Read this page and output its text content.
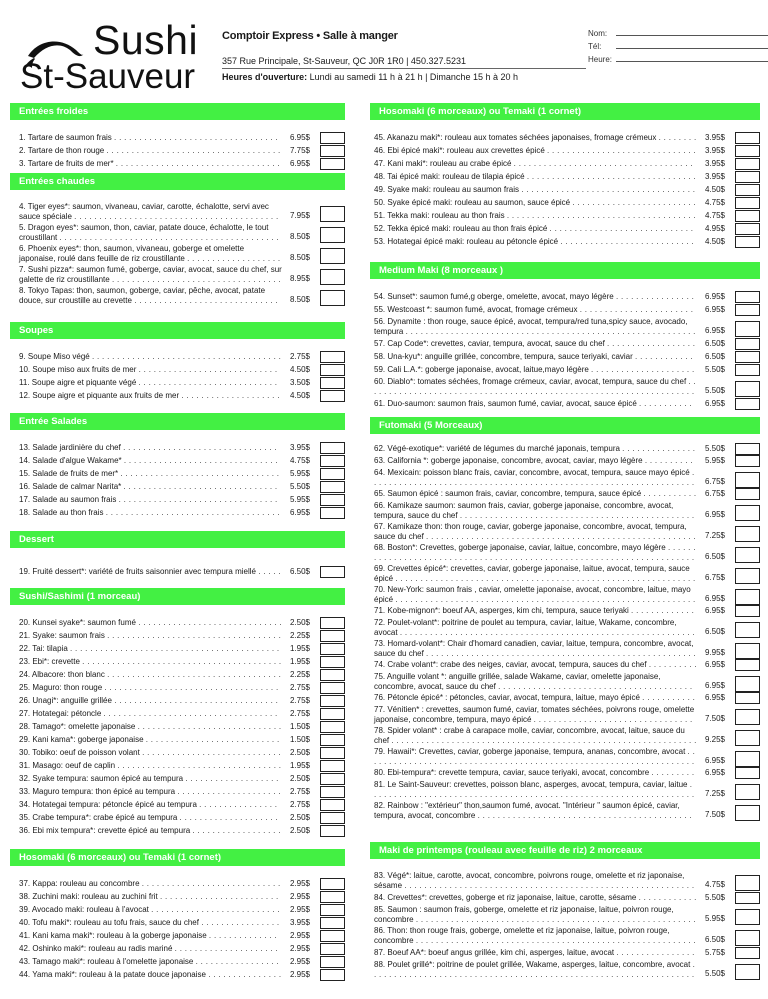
Sushi
St-Sauveur
Comptoir Express • Salle à manger
357 Rue Principale, St-Sauveur, QC J0R 1R0 | 450.327.5231
Heures d'ouverture: Lundi au samedi 11 h à 21 h | Dimanche 15 h à 20 h
Nom:
Tél:
Heure:
Entrées froides
1. Tartare de saumon frais . . . . . . . . . . . . . . . . . . . . . . . . . . . . . . . . .	6.95$
2. Tartare de thon rouge . . . . . . . . . . . . . . . . . . . . . . . . . . . . . . . . . . .	7.75$
3. Tartare de fruits de mer* . . . . . . . . . . . . . . . . . . . . . . . . . . . . . . . . .	6.95$
Entrées chaudes
4. Tiger eyes*: saumon, vivaneau, caviar, carotte, échalotte, servi avec sauce spéciale . . . . . . . . . . . . . . . . . . . . . . . . . . . . . . . . . . . . . . . . .	7.95$
5. Dragon eyes*: saumon, thon, caviar, patate douce, échalotte, le tout croustillant . . . . . . . . . . . . . . . . . . . . . . . . . . . . . . . . . . . . . . . . . . . .	8.50$
6. Phoenix eyes*: thon, saumon, vivaneau, goberge et omelette japonaise, roulé dans feuille de riz croustillante . . . . . . . . . . . . . . . . . . .	8.50$
7. Sushi pizza*: saumon fumé, goberge, caviar, avocat, sauce du chef, sur galette de riz croustillante . . . . . . . . . . . . . . . . . . . . . . . . . . . . . . . . . .	8.95$
8. Tokyo Tapas: thon, saumon, goberge, caviar, pêche, avocat, patate douce, sur croustille au crevette . . . . . . . . . . . . . . . . . . . . . . . . . . . . .	8.50$
Soupes
9. Soupe Miso végé . . . . . . . . . . . . . . . . . . . . . . . . . . . . . . . . . . . . . .	2.75$
10. Soupe miso aux fruits de mer . . . . . . . . . . . . . . . . . . . . . . . . . . . .	4.50$
11. Soupe aigre et piquante végé . . . . . . . . . . . . . . . . . . . . . . . . . . . .	3.50$
12. Soupe aigre et piquante aux fruits de mer . . . . . . . . . . . . . . . . . . . .	4.50$
Entrée Salades
13. Salade jardinière du chef . . . . . . . . . . . . . . . . . . . . . . . . . . . . . . .	3.95$
14. Salade d'algue Wakame* . . . . . . . . . . . . . . . . . . . . . . . . . . . . . . .	4.75$
15. Salade de fruits de mer* . . . . . . . . . . . . . . . . . . . . . . . . . . . . . . . .	5.95$
16. Salade de calmar Narita* . . . . . . . . . . . . . . . . . . . . . . . . . . . . . . .	5.50$
17. Salade au saumon frais . . . . . . . . . . . . . . . . . . . . . . . . . . . . . . . .	5.95$
18. Salade au thon frais . . . . . . . . . . . . . . . . . . . . . . . . . . . . . . . . . . .	6.95$
Dessert
19. Fruité dessert*: variété de fruits saisonnier avec tempura miellé . . . . .	6.50$
Sushi/Sashimi (1 morceau)
20. Kunsei syake*: saumon fumé . . . . . . . . . . . . . . . . . . . . . . . . . . . . . 2.50$
21. Syake: saumon frais . . . . . . . . . . . . . . . . . . . . . . . . . . . . . . . . . . .	2.25$
22. Tai: tilapia . . . . . . . . . . . . . . . . . . . . . . . . . . . . . . . . . . . . . . . . . .	1.95$
23. Ebi*: crevette . . . . . . . . . . . . . . . . . . . . . . . . . . . . . . . . . . . . . . . .	1.95$
24. Albacore: thon blanc . . . . . . . . . . . . . . . . . . . . . . . . . . . . . . . . . . .	2.25$
25. Maguro: thon rouge . . . . . . . . . . . . . . . . . . . . . . . . . . . . . . . . . . .	2.75$
26. Unagi*: anguille grillée . . . . . . . . . . . . . . . . . . . . . . . . . . . . . . . . .	2.75$
27. Hotategai: pétoncle . . . . . . . . . . . . . . . . . . . . . . . . . . . . . . . . . . .	2.75$
28. Tamago*: omelette japonaise . . . . . . . . . . . . . . . . . . . . . . . . . . . . .	1.50$
29. Kani kama*: goberge japonaise . . . . . . . . . . . . . . . . . . . . . . . . . . .	1.50$
30. Tobiko: oeuf de poisson volant . . . . . . . . . . . . . . . . . . . . . . . . . . . .	2.50$
31. Masago: oeuf de caplin . . . . . . . . . . . . . . . . . . . . . . . . . . . . . . . . .	1.95$
32. Syake tempura: saumon épicé au tempura . . . . . . . . . . . . . . . . . . .	2.50$
33. Maguro tempura: thon épicé au tempura . . . . . . . . . . . . . . . . . . . . .	2.75$
34. Hotategai tempura: pétoncle épicé au tempura . . . . . . . . . . . . . . . .	2.75$
35. Crabe tempura*: crabe épicé au tempura . . . . . . . . . . . . . . . . . . . .	2.50$
36. Ebi mix tempura*: crevette épicé au tempura . . . . . . . . . . . . . . . . . .	2.50$
Hosomaki (6 morceaux) ou Temaki (1 cornet)
37. Kappa: rouleau au concombre . . . . . . . . . . . . . . . . . . . . . . . . . . . .	2.95$
38. Zuchini maki: rouleau au zuchini frit . . . . . . . . . . . . . . . . . . . . . . . .	2.95$
39. Avocado maki: rouleau à l'avocat . . . . . . . . . . . . . . . . . . . . . . . . . .	2.95$
40. Tofu maki*: rouleau au tofu frais, sauce du chef . . . . . . . . . . . . . . . .	3.95$
41. Kani kama maki*: rouleau à la goberge japonaise . . . . . . . . . . . . . .	2.95$
42. Oshinko maki*: rouleau au radis mariné . . . . . . . . . . . . . . . . . . . . .	2.95$
43. Tamago maki*: rouleau à l'omelette japonaise . . . . . . . . . . . . . . . . .	2.95$
44. Yama maki*: rouleau à la patate douce japonaise . . . . . . . . . . . . . . .	2.95$
Hosomaki (6 morceaux) ou Temaki (1 cornet)
45. Akanazu maki*: rouleau aux tomates séchées japonaises, fromage crémeux . . . . . . . .	3.95$
46. Ebi épicé maki*: rouleau aux crevettes épicé . . . . . . . . . . . . . . . . . . . . . . . . . . . . . .	3.95$
47. Kani maki*: rouleau au crabe épicé . . . . . . . . . . . . . . . . . . . . . . . . . . . . . . . . . . . .	3.95$
48. Tai épicé maki: rouleau de tilapia épicé . . . . . . . . . . . . . . . . . . . . . . . . . . . . . . . . . .	3.95$
49. Syake maki: rouleau au saumon frais . . . . . . . . . . . . . . . . . . . . . . . . . . . . . . . . . . .	4.50$
50. Syake épicé maki: rouleau au saumon, sauce épicé . . . . . . . . . . . . . . . . . . . . . . . . .	4.75$
51. Tekka maki: rouleau au thon frais . . . . . . . . . . . . . . . . . . . . . . . . . . . . . . . . . . . . . .	4.75$
52. Tekka épicé maki: rouleau au thon frais épicé . . . . . . . . . . . . . . . . . . . . . . . . . . . . .	4.95$
53. Hotategai épicé maki: rouleau au pétoncle épicé . . . . . . . . . . . . . . . . . . . . . . . . . . .	4.50$
Medium Maki (8 morceaux )
54. Sunset*: saumon fumé,g oberge, omelette, avocat, mayo légère . . . . . . . . . . . . . . . .	6.95$
55. Westcoast *: saumon fumé, avocat, fromage crémeux . . . . . . . . . . . . . . . . . . . . . . .	6.95$
56. Dynamite : thon rouge, sauce épicé, avocat, tempura/red tuna,spicy sauce, avocado, tempura . . . . . . . . . . . . . . . . . . . . . . . . . . . . . . . . . . . . . . . . . . . . . . . . . . . . . . . . . .	6.95$
57. Cap Code*: crevettes, caviar, tempura, avocat, sauce du chef . . . . . . . . . . . . . . . . . .	6.50$
58. Una-kyu*: anguille grillée, concombre, tempura, sauce teriyaki, caviar . . . . . . . . . . . .	6.50$
59. Cali L.A.*: goberge japonaise, avocat, laitue,mayo légère . . . . . . . . . . . . . . . . . . . . .	5.50$
60. Diablo*: tomates séchées, fromage crémeux, caviar, avocat, tempura, sauce du chef . . . . . . . . . . . . . . . . . . . . . . . . . . . . . . . . . . . . . . . . . . . . . . . . . . . . . . . . . . . . . . . . . .	5.50$
61. Duo-saumon: saumon frais, saumon fumé, caviar, avocat, sauce épicé . . . . . . . . . . .	6.95$
Futomaki (5 Morceaux)
62. Végé-exotique*: variété de légumes du marché japonais, tempura . . . . . . . . . . . . . . .	5.50$
63. California *: goberge japonaise, concombre, avocat, caviar, mayo légère . . . . . . . . . .	5.95$
64. Mexicain: poisson blanc frais, caviar, concombre, avocat, tempura, sauce mayo épicé . . . . . . . . . . . . . . . . . . . . . . . . . . . . . . . . . . . . . . . . . . . . . . . . . . . . . . . . . . . . . . . . .	6.75$
65. Saumon épicé : saumon frais, caviar, concombre, tempura, sauce épicé . . . . . . . . . . .	6.75$
66. Kamikaze saumon: saumon frais, caviar, goberge japonaise, concombre, avocat, tempura, sauce du chef . . . . . . . . . . . . . . . . . . . . . . . . . . . . . . . . . . . . . . . . . . . . . . .	6.95$
67. Kamikaze thon: thon rouge, caviar, goberge japonaise, concombre, avocat, tempura, sauce du chef . . . . . . . . . . . . . . . . . . . . . . . . . . . . . . . . . . . . . . . . . . . . . . . . . . . . . .	7.25$
68. Boston*: Crevettes, goberge japonaise, caviar, laitue, concombre, mayo légère . . . . . . . . . . . . . . . . . . . . . . . . . . . . . . . . . . . . . . . . . . . . . . . . . . . . . . . . . . . . . . . . . . . . . .	6.50$
69. Crevettes épicé*: crevettes, caviar, goberge japonaise, laitue, avocat, tempura, sauce épicé . . . . . . . . . . . . . . . . . . . . . . . . . . . . . . . . . . . . . . . . . . . . . . . . . . . . . . . . . . . .	6.75$
70. New-York: saumon frais , caviar, omelette japonaise, avocat, concombre, laitue, mayo épicé . . . . . . . . . . . . . . . . . . . . . . . . . . . . . . . . . . . . . . . . . . . . . . . . . . . . . . . . . . . .	6.95$
71. Kobe-mignon*: boeuf AA, asperges, kim chi, tempura, sauce teriyaki . . . . . . . . . . . . .	6.95$
72. Poulet-volant*: poitrine de poulet au tempura, caviar, laitue, Wakame, concombre, avocat . . . . . . . . . . . . . . . . . . . . . . . . . . . . . . . . . . . . . . . . . . . . . . . . . . . . . . . . . . .	6.50$
73. Homard-volant*: Chair d'homard canadien, caviar, laitue, tempura, concombre, avocat, sauce du chef . . . . . . . . . . . . . . . . . . . . . . . . . . . . . . . . . . . . . . . . . . . . . . . . . . . . . .	9.95$
74. Crabe volant*: crabe des neiges, caviar, avocat, tempura, sauces du chef . . . . . . . . . .	6.95$
75. Anguille volant *: anguille grillée, salade Wakame, caviar, omelette japonaise, concombre, avocat, sauce du chef . . . . . . . . . . . . . . . . . . . . . . . . . . . . . . . . . . . . . . .	6.95$
76. Pétoncle épicé* : pétoncles, caviar, avocat, tempura, laitue, mayo épicé . . . . . . . . . . .	6.95$
77. Vénitien* : crevettes, saumon fumé, caviar, tomates séchées, poivrons rouge, omelette japonaise, concombre, tempura, mayo épicé . . . . . . . . . . . . . . . . . . . . . . . . . . . . . . . .	7.50$
78. Spider volant* : crabe à carapace molle, caviar, concombre, avocat, laitue, sauce du chef . . . . . . . . . . . . . . . . . . . . . . . . . . . . . . . . . . . . . . . . . . . . . . . . . . . . . . . . . . . . .	9.25$
79. Hawaii*: Crevettes, caviar, goberge japonaise, tempura, ananas, concombre, avocat . . . . . . . . . . . . . . . . . . . . . . . . . . . . . . . . . . . . . . . . . . . . . . . . . . . . . . . . . . . . . . . . . .	6.95$
80. Ebi-tempura*: crevette tempura, caviar, sauce teriyaki, avocat, concombre . . . . . . . . .	6.95$
81. Le Saint-Sauveur: crevettes, poisson blanc, asperges, avocat, tempura, caviar, laitue . . . . . . . . . . . . . . . . . . . . . . . . . . . . . . . . . . . . . . . . . . . . . . . . . . . . . . . . . . . . . . . . .	7.25$
82. Rainbow : "extérieur" thon,saumon fumé, avocat. "Intérieur " saumon épicé, caviar, tempura, avocat, concombre . . . . . . . . . . . . . . . . . . . . . . . . . . . . . . . . . . . . . . . . . . .	7.50$
Maki de printemps (rouleau avec feuille de riz) 2 morceaux
83. Végé*: laitue, carotte, avocat, concombre, poivrons rouge, omelette et riz japonaise, sésame . . . . . . . . . . . . . . . . . . . . . . . . . . . . . . . . . . . . . . . . . . . . . . . . . . . . . . . . . .	4.75$
84. Crevettes*: crevettes, goberge et riz japonaise, laitue, carotte, sésame . . . . . . . . . . . .	5.50$
85. Saumon : saumon frais, goberge, omelette et riz japonaise, laitue, poivron rouge, concombre . . . . . . . . . . . . . . . . . . . . . . . . . . . . . . . . . . . . . . . . . . . . . . . . . . . . . . . .	5.95$
86. Thon: thon rouge frais, goberge, omelette et riz japonaise, laitue, poivron rouge, concombre . . . . . . . . . . . . . . . . . . . . . . . . . . . . . . . . . . . . . . . . . . . . . . . . . . . . . . . .	6.50$
87. Boeuf AA*: boeuf angus grillée, kim chi, asperges, laitue, avocat . . . . . . . . . . . . . . . .	5.75$
88. Poulet grillé*: poitrine de poulet grillée, Wakame, asperges, laitue, concombre, avocat . . . . . . . . . . . . . . . . . . . . . . . . . . . . . . . . . . . . . . . . . . . . . . . . . . . . . . . . . . . . . . . . .	5.50$
